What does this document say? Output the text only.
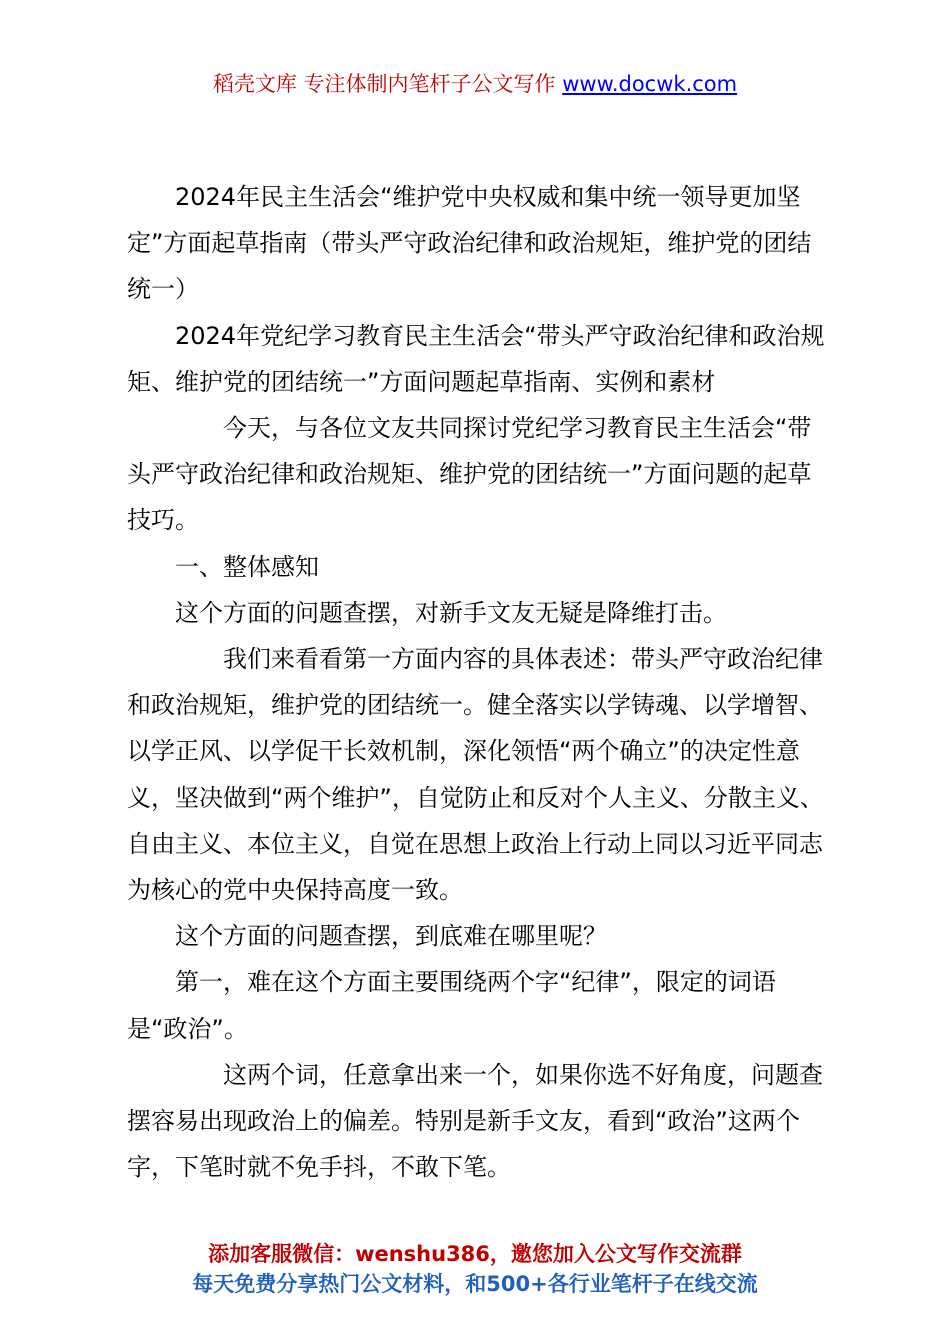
稻壳文库 专注体制内笔杆子公文写作 www.docwk.com

2024年民主生活会“维护党中央权威和集中统一领导更加坚定”方面起草指南（带头严守政治纪律和政治规矩，维护党的团结统一）

2024年党纪学习教育民主生活会“带头严守政治纪律和政治规矩、维护党的团结统一”方面问题起草指南、实例和素材

今天，与各位文友共同探讨党纪学习教育民主生活会“带头严守政治纪律和政治规矩、维护党的团结统一”方面问题的起草技巧。

一、整体感知

这个方面的问题查摆，对新手文友无疑是降维打击。

我们来看看第一方面内容的具体表述：带头严守政治纪律和政治规矩，维护党的团结统一。健全落实以学铸魂、以学增智、以学正风、以学促干长效机制，深化领悟“两个确立”的决定性意义，坚决做到“两个维护”，自觉防止和反对个人主义、分散主义、自由主义、本位主义，自觉在思想上政治上行动上同以习近平同志为核心的党中央保持高度一致。

这个方面的问题查摆，到底难在哪里呢？

第一，难在这个方面主要围绕两个字“纪律”，限定的词语是“政治”。

这两个词，任意拿出来一个，如果你选不好角度，问题查摆容易出现政治上的偏差。特别是新手文友，看到“政治”这两个字，下笔时就不免手抖，不敢下笔。

添加客服微信：wenshu386，邀您加入公文写作交流群
每天免费分享热门公文材料，和500+各行业笔杆子在线交流
